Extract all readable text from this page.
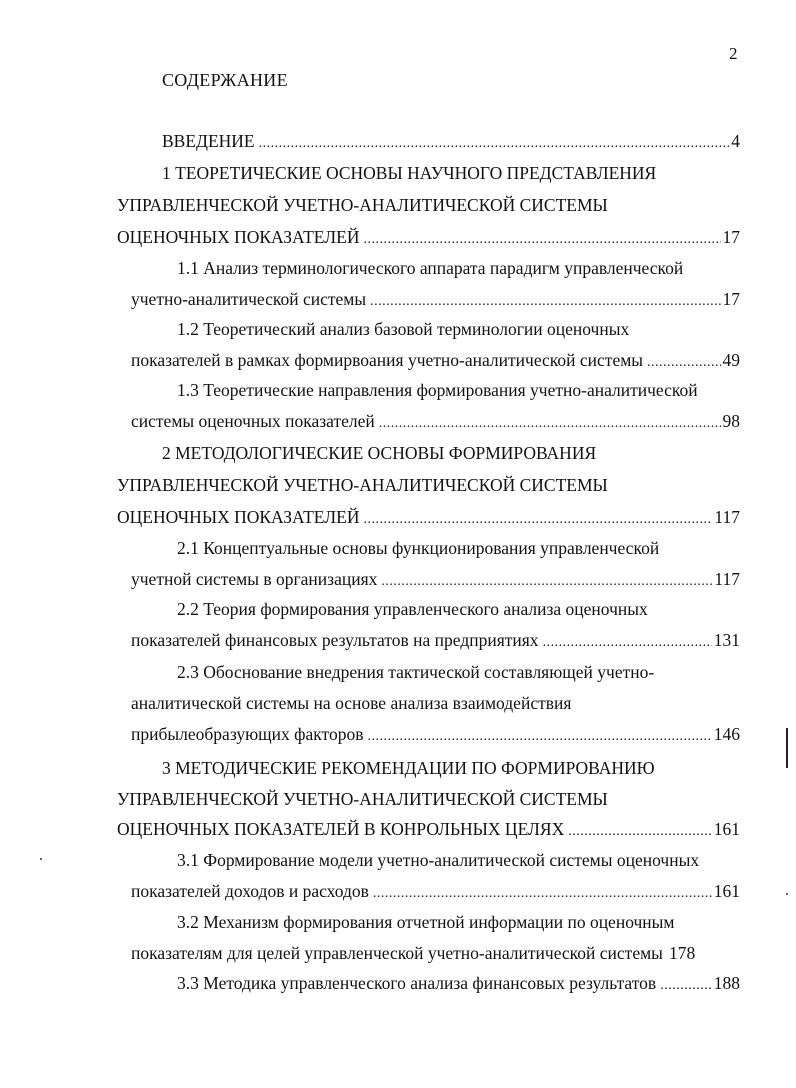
2
СОДЕРЖАНИЕ
ВВЕДЕНИЕ . . .	4
1 ТЕОРЕТИЧЕСКИЕ ОСНОВЫ НАУЧНОГО ПРЕДСТАВЛЕНИЯ
УПРАВЛЕНЧЕСКОЙ УЧЕТНО-АНАЛИТИЧЕСКОЙ СИСТЕМЫ
ОЦЕНОЧНЫХ ПОКАЗАТЕЛЕЙ . . .	17
1.1 Анализ терминологического аппарата парадигм управленческой
учетно-аналитической системы . . .	17
1.2 Теоретический анализ базовой терминологии оценочных
показателей в рамках формирвоания учетно-аналитической системы . . .	49
1.3 Теоретические направления формирования учетно-аналитической
системы оценочных показателей . . .	98
2 МЕТОДОЛОГИЧЕСКИЕ ОСНОВЫ ФОРМИРОВАНИЯ
УПРАВЛЕНЧЕСКОЙ УЧЕТНО-АНАЛИТИЧЕСКОЙ СИСТЕМЫ
ОЦЕНОЧНЫХ ПОКАЗАТЕЛЕЙ . . .	117
2.1 Концептуальные основы функционирования управленческой
учетной системы в организациях . . .	117
2.2 Теория формирования управленческого анализа оценочных
показателей финансовых результатов на предприятиях . . .	131
2.3 Обоснование внедрения тактической составляющей учетно-
аналитической системы на основе анализа взаимодействия
прибылеобразующих факторов . . .	146
3 МЕТОДИЧЕСКИЕ РЕКОМЕНДАЦИИ ПО ФОРМИРОВАНИЮ
УПРАВЛЕНЧЕСКОЙ УЧЕТНО-АНАЛИТИЧЕСКОЙ СИСТЕМЫ
ОЦЕНОЧНЫХ ПОКАЗАТЕЛЕЙ В КОНРОЛЬНЫХ ЦЕЛЯХ . . .	161
3.1 Формирование модели учетно-аналитической системы оценочных
показателей доходов и расходов . . .	161
3.2 Механизм формирования отчетной информации по оценочным
показателям для целей управленческой учетно-аналитической системы 178
3.3 Методика управленческого анализа финансовых результатов . . .	188
